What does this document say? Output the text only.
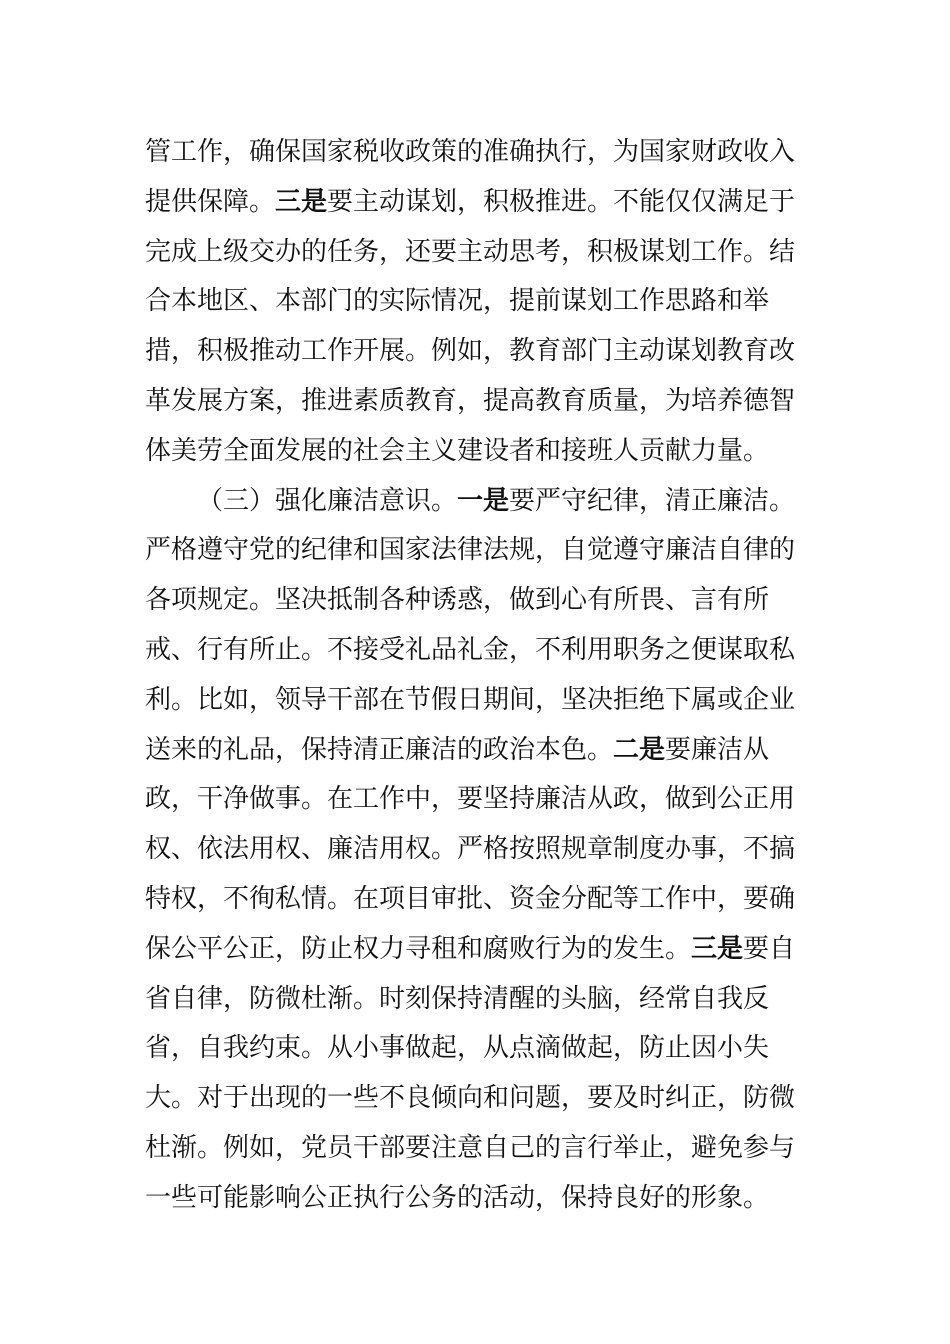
管工作，确保国家税收政策的准确执行，为国家财政收入
提供保障。三是要主动谋划，积极推进。不能仅仅满足于
完成上级交办的任务，还要主动思考，积极谋划工作。结
合本地区、本部门的实际情况，提前谋划工作思路和举
措，积极推动工作开展。例如，教育部门主动谋划教育改
革发展方案，推进素质教育，提高教育质量，为培养德智
体美劳全面发展的社会主义建设者和接班人贡献力量。
（三）强化廉洁意识。一是要严守纪律，清正廉洁。
严格遵守党的纪律和国家法律法规，自觉遵守廉洁自律的
各项规定。坚决抵制各种诱惑，做到心有所畏、言有所
戒、行有所止。不接受礼品礼金，不利用职务之便谋取私
利。比如，领导干部在节假日期间，坚决拒绝下属或企业
送来的礼品，保持清正廉洁的政治本色。二是要廉洁从
政，干净做事。在工作中，要坚持廉洁从政，做到公正用
权、依法用权、廉洁用权。严格按照规章制度办事，不搞
特权，不徇私情。在项目审批、资金分配等工作中，要确
保公平公正，防止权力寻租和腐败行为的发生。三是要自
省自律，防微杜渐。时刻保持清醒的头脑，经常自我反
省，自我约束。从小事做起，从点滴做起，防止因小失
大。对于出现的一些不良倾向和问题，要及时纠正，防微
杜渐。例如，党员干部要注意自己的言行举止，避免参与
一些可能影响公正执行公务的活动，保持良好的形象。
